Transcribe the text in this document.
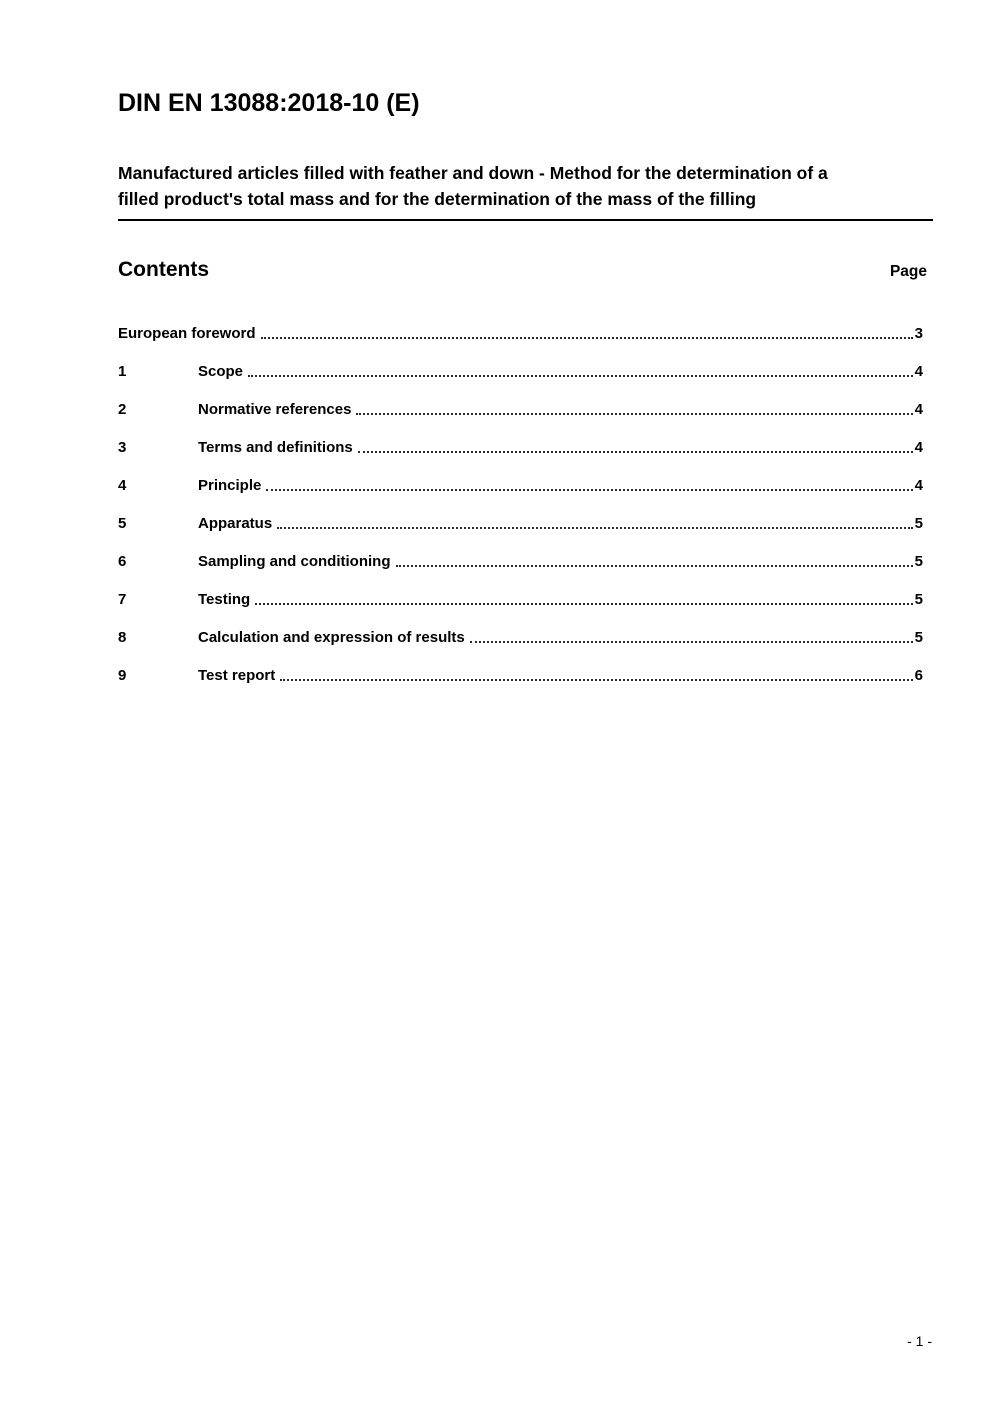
DIN EN 13088:2018-10 (E)
Manufactured articles filled with feather and down - Method for the determination of a
filled product's total mass and for the determination of the mass of the filling
Contents	Page
European foreword	3
1	Scope	4
2	Normative references	4
3	Terms and definitions	4
4	Principle	4
5	Apparatus	5
6	Sampling and conditioning	5
7	Testing	5
8	Calculation and expression of results	5
9	Test report	6
- 1 -
